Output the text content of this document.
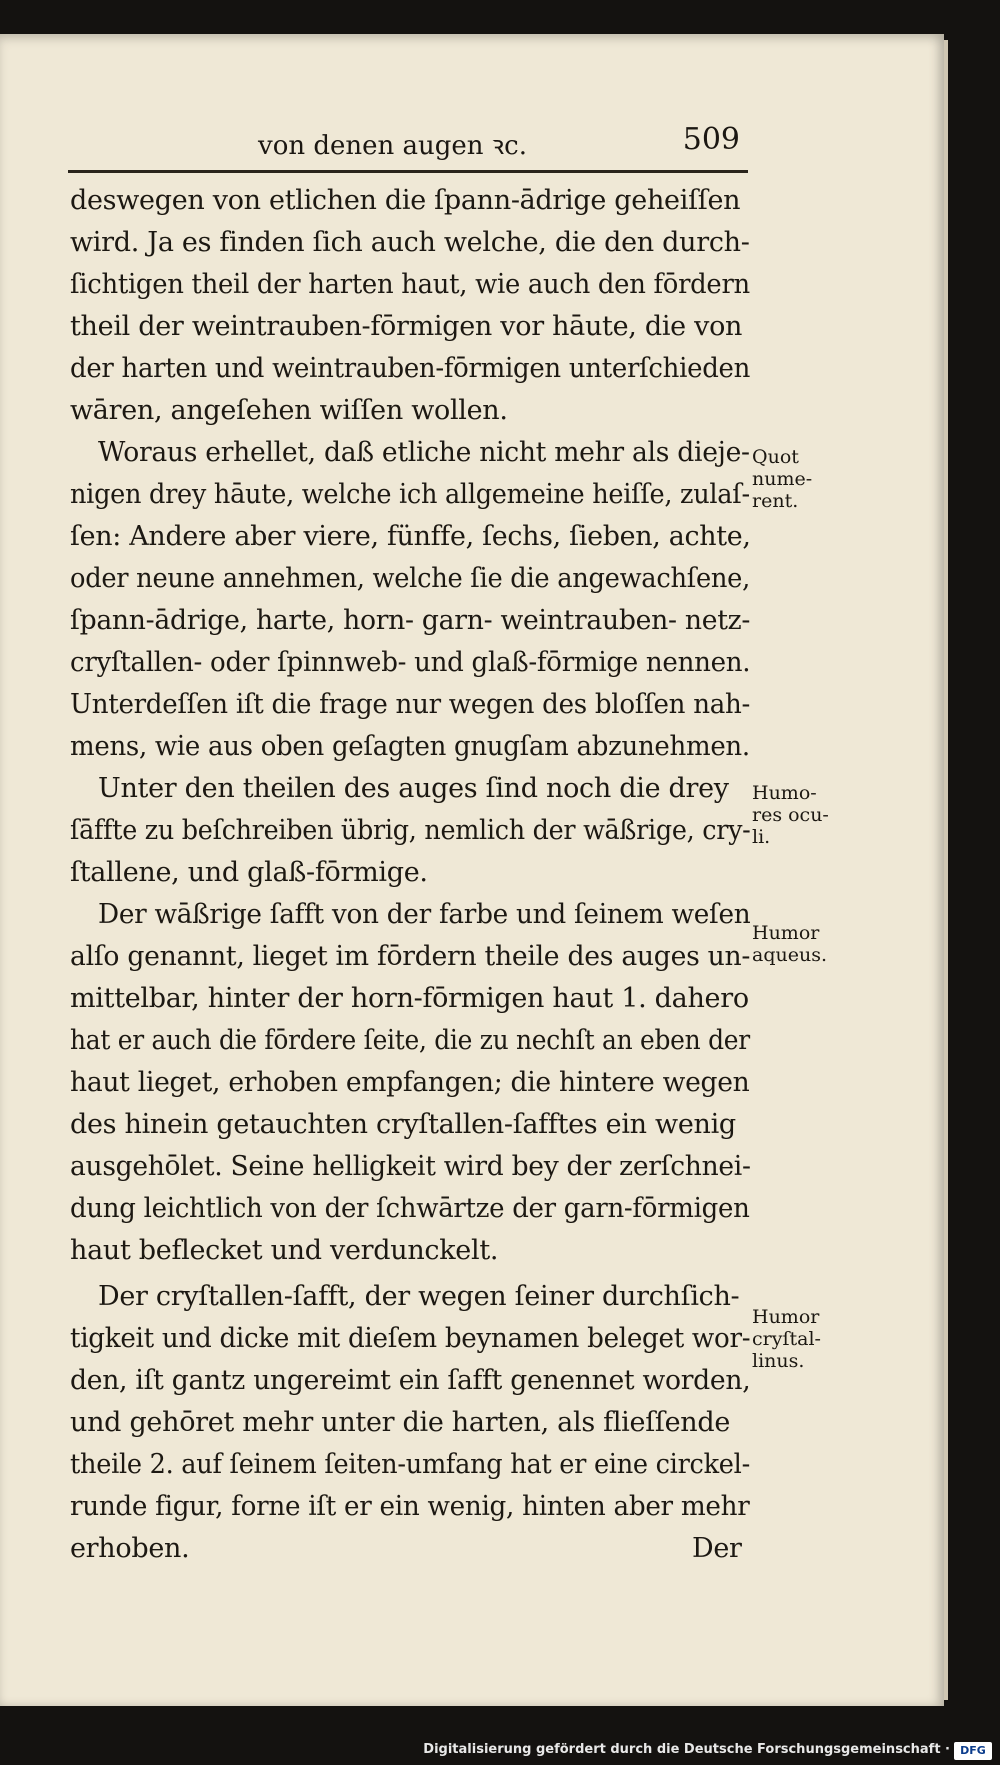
von denen augen ꝛc.	509
deswegen von etlichen die ſpann-ādrige geheiſſen
wird. Ja es finden ſich auch welche, die den durch-
ſichtigen theil der harten haut, wie auch den fōrdern
theil der weintrauben-fōrmigen vor hāute, die von
der harten und weintrauben-fōrmigen unterſchieden
wāren, angeſehen wiſſen wollen.
Woraus erhellet, daß etliche nicht mehr als dieje-
nigen drey hāute, welche ich allgemeine heiſſe, zulaſ-
ſen: Andere aber viere, fünffe, ſechs, ſieben, achte,
oder neune annehmen, welche ſie die angewachſene,
ſpann-ādrige, harte, horn- garn- weintrauben- netz-
cryſtallen- oder ſpinnweb- und glaß-fōrmige nennen.
Unterdeſſen iſt die frage nur wegen des bloſſen nah-
mens, wie aus oben geſagten gnugſam abzunehmen.
Unter den theilen des auges ſind noch die drey
ſāffte zu beſchreiben übrig, nemlich der wāßrige, cry-
ſtallene, und glaß-fōrmige.
Der wāßrige ſafft von der farbe und ſeinem weſen
alſo genannt, lieget im fōrdern theile des auges un-
mittelbar, hinter der horn-fōrmigen haut 1. dahero
hat er auch die fōrdere ſeite, die zu nechſt an eben der
haut lieget, erhoben empfangen; die hintere wegen
des hinein getauchten cryſtallen-ſafftes ein wenig
ausgehōlet. Seine helligkeit wird bey der zerſchnei-
dung leichtlich von der ſchwārtze der garn-fōrmigen
haut beflecket und verdunckelt.
Der cryſtallen-ſafft, der wegen ſeiner durchſich-
tigkeit und dicke mit dieſem beynamen beleget wor-
den, iſt gantz ungereimt ein ſafft genennet worden,
und gehōret mehr unter die harten, als flieſſende
theile 2. auf ſeinem ſeiten-umfang hat er eine circkel-
runde figur, forne iſt er ein wenig, hinten aber mehr
erhoben.	Der
Quot
nume-
rent.
Humo-
res ocu-
li.
Humor
aqueus.
Humor
cryſtal-
linus.
Digitalisierung gefördert durch die Deutsche Forschungsgemeinschaft · DFG
